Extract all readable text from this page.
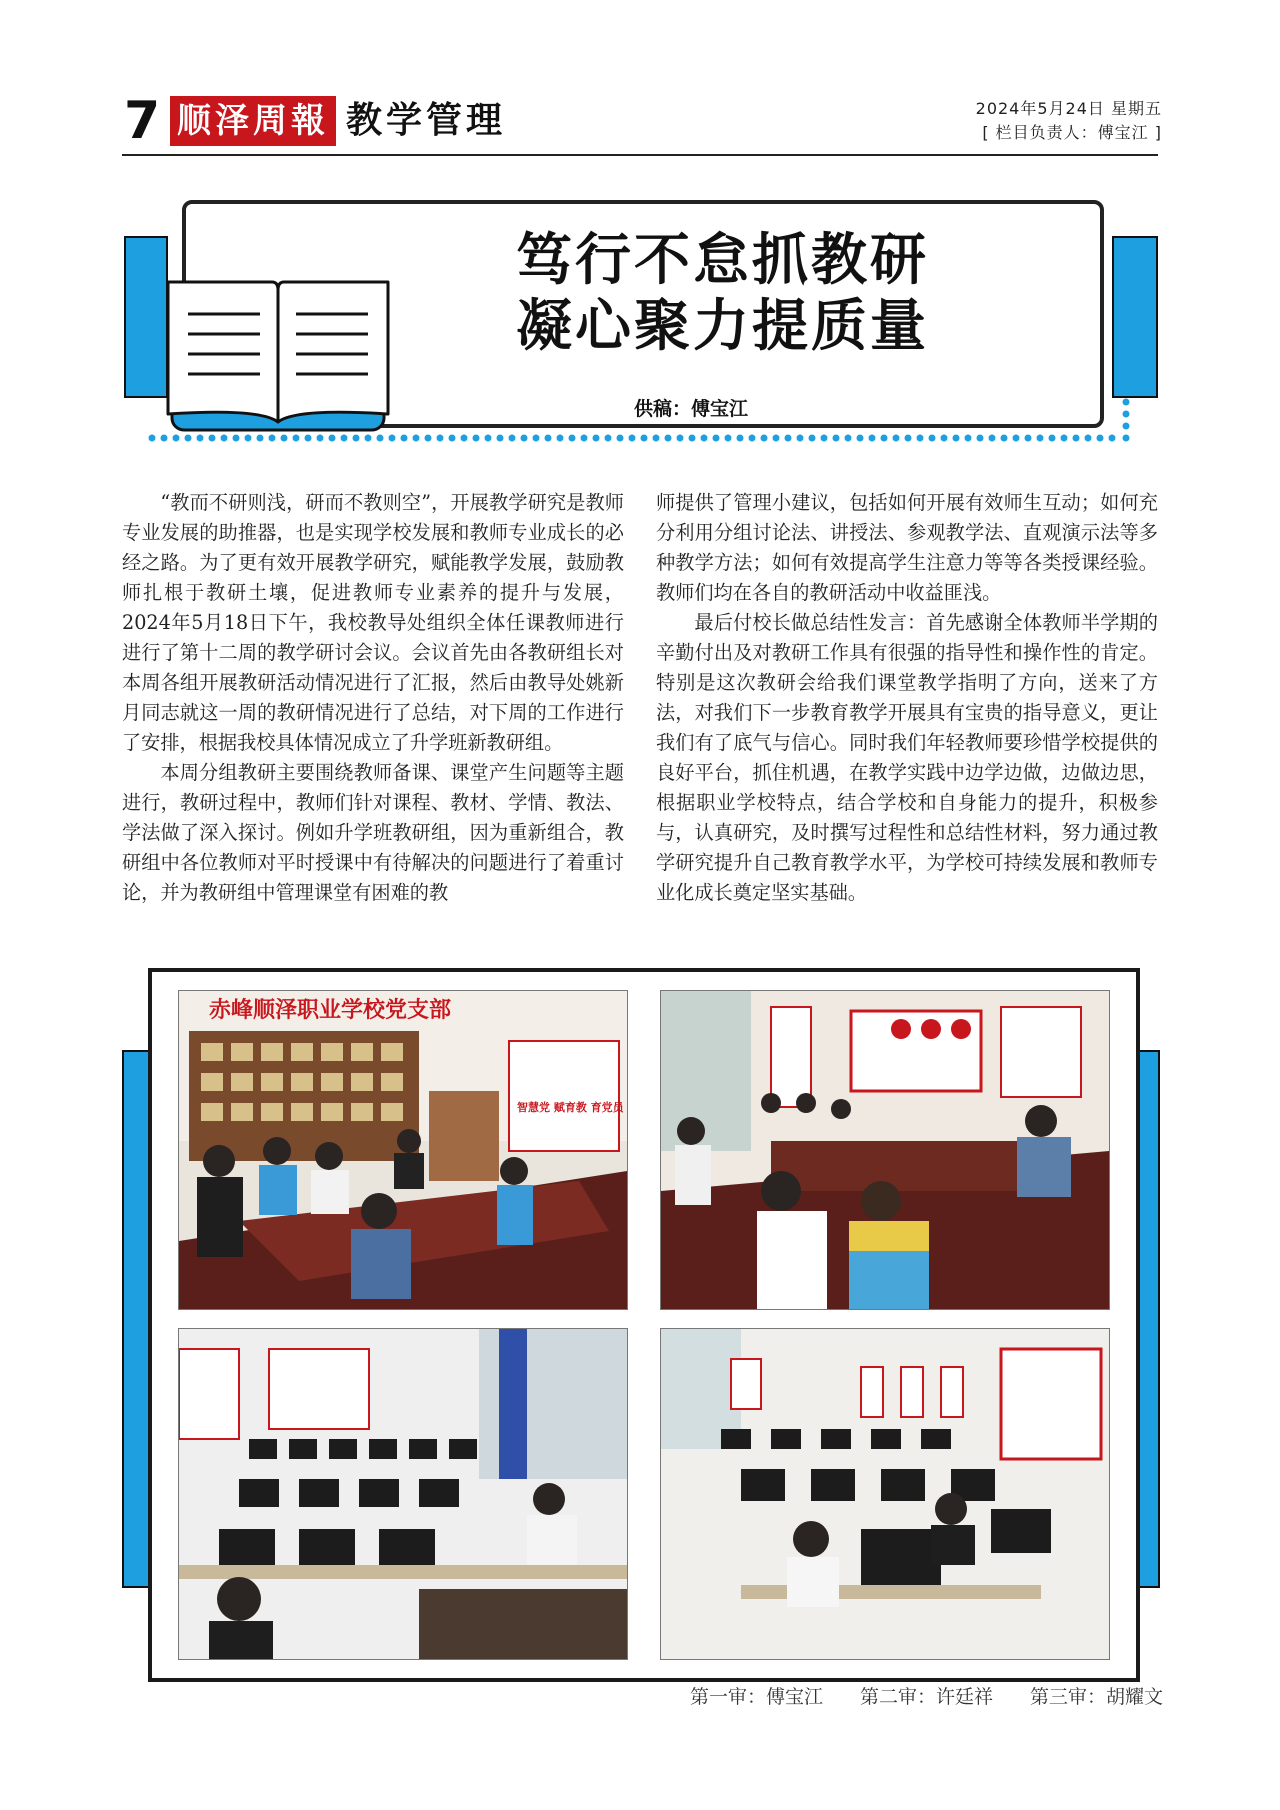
7 顺泽周報 教学管理	2024年5月24日 星期五
[ 栏目负责人：傅宝江 ]
笃行不怠抓教研
凝心聚力提质量
供稿：傅宝江

“教而不研则浅，研而不教则空”，开展教学研究是教师专业发展的助推器，也是实现学校发展和教师专业成长的必经之路。为了更有效开展教学研究，赋能教学发展，鼓励教师扎根于教研土壤，促进教师专业素养的提升与发展，2024年5月18日下午，我校教导处组织全体任课教师进行进行了第十二周的教学研讨会议。会议首先由各教研组长对本周各组开展教研活动情况进行了汇报，然后由教导处姚新月同志就这一周的教研情况进行了总结，对下周的工作进行了安排，根据我校具体情况成立了升学班新教研组。

本周分组教研主要围绕教师备课、课堂产生问题等主题进行，教研过程中，教师们针对课程、教材、学情、教法、学法做了深入探讨。例如升学班教研组，因为重新组合，教研组中各位教师对平时授课中有待解决的问题进行了着重讨论，并为教研组中管理课堂有困难的教

师提供了管理小建议，包括如何开展有效师生互动；如何充分利用分组讨论法、讲授法、参观教学法、直观演示法等多种教学方法；如何有效提高学生注意力等等各类授课经验。教师们均在各自的教研活动中收益匪浅。

最后付校长做总结性发言：首先感谢全体教师半学期的辛勤付出及对教研工作具有很强的指导性和操作性的肯定。特别是这次教研会给我们课堂教学指明了方向，送来了方法，对我们下一步教育教学开展具有宝贵的指导意义，更让我们有了底气与信心。同时我们年轻教师要珍惜学校提供的良好平台，抓住机遇，在教学实践中边学边做，边做边思，根据职业学校特点，结合学校和自身能力的提升，积极参与，认真研究，及时撰写过程性和总结性材料，努力通过教学研究提升自己教育教学水平，为学校可持续发展和教师专业化成长奠定坚实基础。

赤峰顺泽职业学校党支部
智慧党 赋育教 育党员
第一审：傅宝江 第二审：许廷祥 第三审：胡耀文
